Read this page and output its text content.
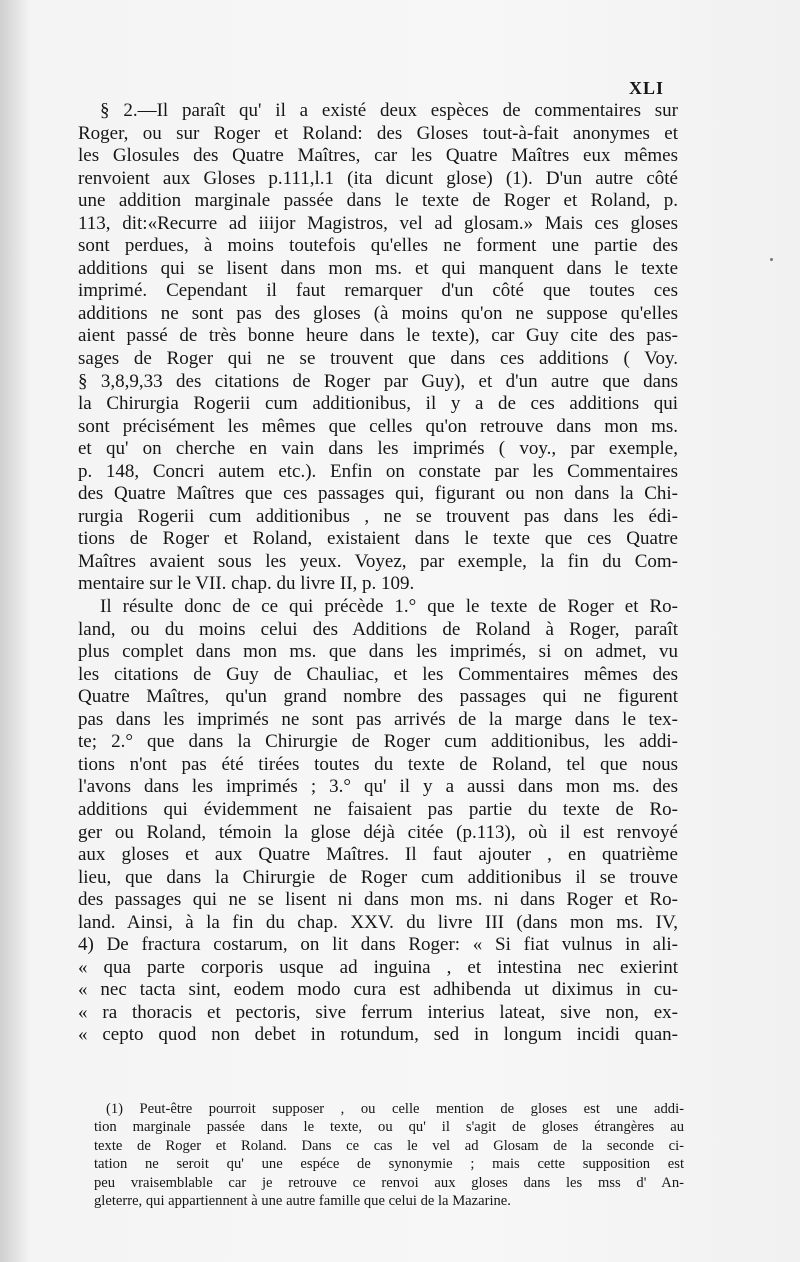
XLI
§ 2.—Il paraît qu' il a existé deux espèces de commentaires sur
Roger, ou sur Roger et Roland: des Gloses tout-à-fait anonymes et
les Glosules des Quatre Maîtres, car les Quatre Maîtres eux mêmes
renvoient aux Gloses p.111,l.1 (ita dicunt glose) (1). D'un autre côté
une addition marginale passée dans le texte de Roger et Roland, p.
113, dit:«Recurre ad iiijor Magistros, vel ad glosam.» Mais ces gloses
sont perdues, à moins toutefois qu'elles ne forment une partie des
additions qui se lisent dans mon ms. et qui manquent dans le texte
imprimé. Cependant il faut remarquer d'un côté que toutes ces
additions ne sont pas des gloses (à moins qu'on ne suppose qu'elles
aient passé de très bonne heure dans le texte), car Guy cite des pas-
sages de Roger qui ne se trouvent que dans ces additions ( Voy.
§ 3,8,9,33 des citations de Roger par Guy), et d'un autre que dans
la Chirurgia Rogerii cum additionibus, il y a de ces additions qui
sont précisément les mêmes que celles qu'on retrouve dans mon ms.
et qu' on cherche en vain dans les imprimés ( voy., par exemple,
p. 148, Concri autem etc.). Enfin on constate par les Commentaires
des Quatre Maîtres que ces passages qui, figurant ou non dans la Chi-
rurgia Rogerii cum additionibus , ne se trouvent pas dans les édi-
tions de Roger et Roland, existaient dans le texte que ces Quatre
Maîtres avaient sous les yeux. Voyez, par exemple, la fin du Com-
mentaire sur le VII. chap. du livre II, p. 109.
Il résulte donc de ce qui précède 1.° que le texte de Roger et Ro-
land, ou du moins celui des Additions de Roland à Roger, paraît
plus complet dans mon ms. que dans les imprimés, si on admet, vu
les citations de Guy de Chauliac, et les Commentaires mêmes des
Quatre Maîtres, qu'un grand nombre des passages qui ne figurent
pas dans les imprimés ne sont pas arrivés de la marge dans le tex-
te; 2.° que dans la Chirurgie de Roger cum additionibus, les addi-
tions n'ont pas été tirées toutes du texte de Roland, tel que nous
l'avons dans les imprimés ; 3.° qu' il y a aussi dans mon ms. des
additions qui évidemment ne faisaient pas partie du texte de Ro-
ger ou Roland, témoin la glose déjà citée (p.113), où il est renvoyé
aux gloses et aux Quatre Maîtres. Il faut ajouter , en quatrième
lieu, que dans la Chirurgie de Roger cum additionibus il se trouve
des passages qui ne se lisent ni dans mon ms. ni dans Roger et Ro-
land. Ainsi, à la fin du chap. XXV. du livre III (dans mon ms. IV,
4) De fractura costarum, on lit dans Roger: « Si fiat vulnus in ali-
« qua parte corporis usque ad inguina , et intestina nec exierint
« nec tacta sint, eodem modo cura est adhibenda ut diximus in cu-
« ra thoracis et pectoris, sive ferrum interius lateat, sive non, ex-
« cepto quod non debet in rotundum, sed in longum incidi quan-
(1) Peut-être pourroit supposer , ou celle mention de gloses est une addi-
tion marginale passée dans le texte, ou qu' il s'agit de gloses étrangères au
texte de Roger et Roland. Dans ce cas le vel ad Glosam de la seconde ci-
tation ne seroit qu' une espéce de synonymie ; mais cette supposition est
peu vraisemblable car je retrouve ce renvoi aux gloses dans les mss d' An-
gleterre, qui appartiennent à une autre famille que celui de la Mazarine.
